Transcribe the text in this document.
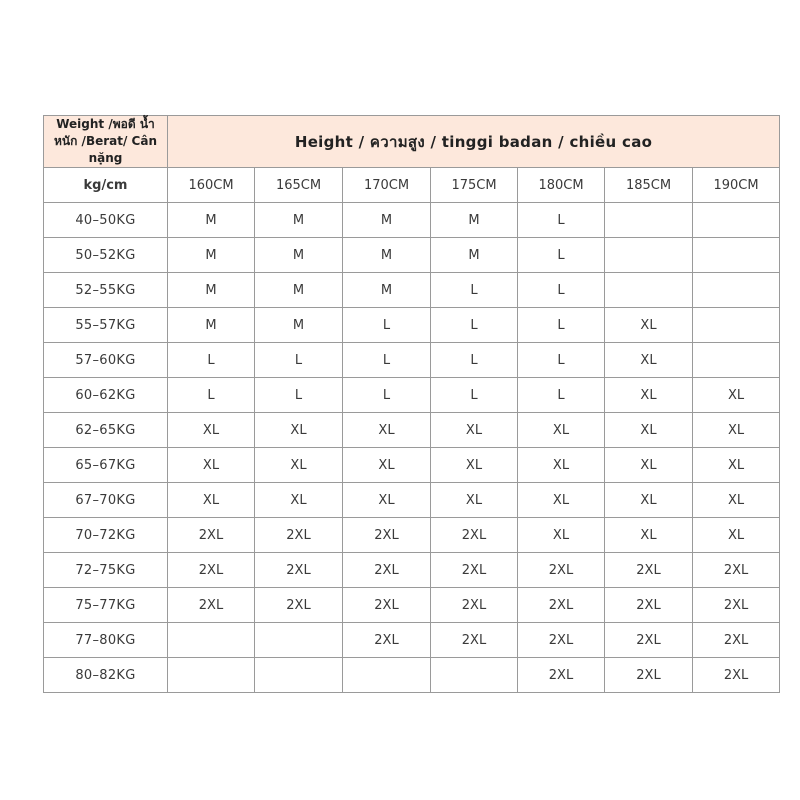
Weight /พอดี น้ำหนัก /Berat/ Cân nặng	Height / ความสูง / tinggi badan / chiều cao						
kg/cm	160CM	165CM	170CM	175CM	180CM	185CM	190CM
40–50KG	M	M	M	M	L		
50–52KG	M	M	M	M	L		
52–55KG	M	M	M	L	L		
55–57KG	M	M	L	L	L	XL	
57–60KG	L	L	L	L	L	XL	
60–62KG	L	L	L	L	L	XL	XL
62–65KG	XL	XL	XL	XL	XL	XL	XL
65–67KG	XL	XL	XL	XL	XL	XL	XL
67–70KG	XL	XL	XL	XL	XL	XL	XL
70–72KG	2XL	2XL	2XL	2XL	XL	XL	XL
72–75KG	2XL	2XL	2XL	2XL	2XL	2XL	2XL
75–77KG	2XL	2XL	2XL	2XL	2XL	2XL	2XL
77–80KG			2XL	2XL	2XL	2XL	2XL
80–82KG					2XL	2XL	2XL
